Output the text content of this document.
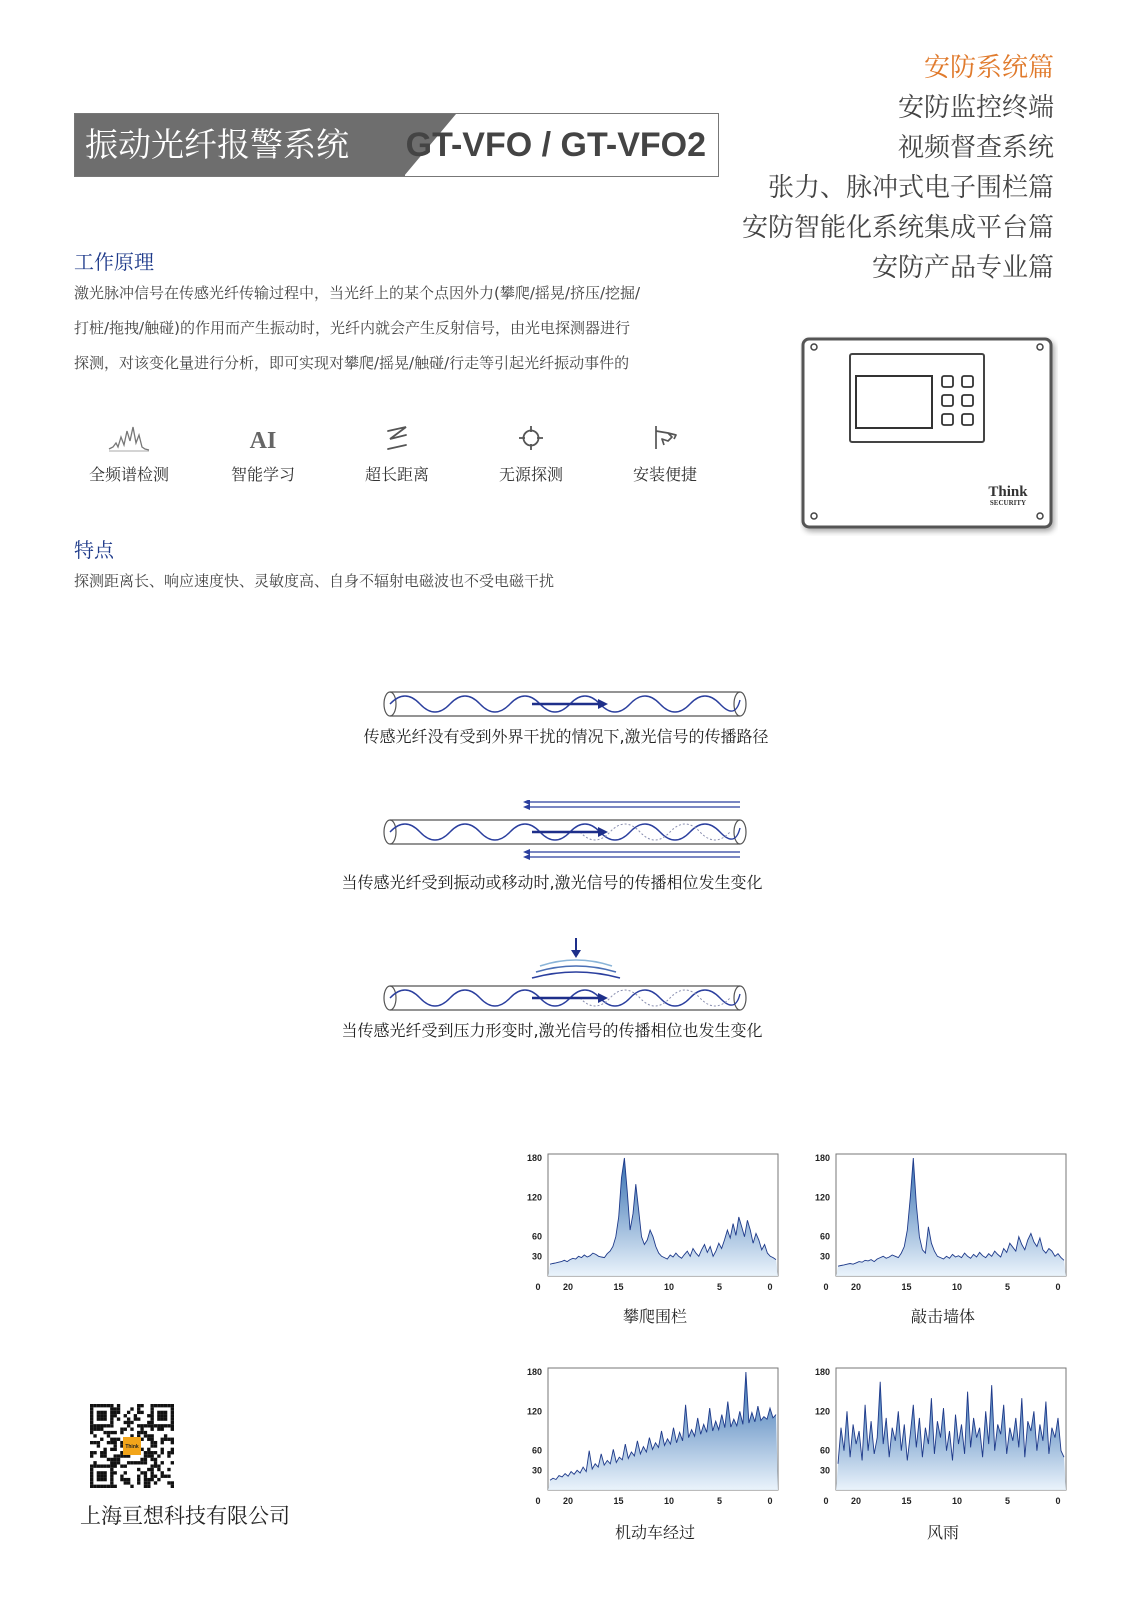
安防系统篇
安防监控终端
视频督查系统
张力、脉冲式电子围栏篇
安防智能化系统集成平台篇
安防产品专业篇
振动光纤报警系统 GT-VFO / GT-VFO2
工作原理
激光脉冲信号在传感光纤传输过程中，当光纤上的某个点因外力(攀爬/摇晃/挤压/挖掘/
打桩/拖拽/触碰)的作用而产生振动时，光纤内就会产生反射信号，由光电探测器进行
探测，对该变化量进行分析，即可实现对攀爬/摇晃/触碰/行走等引起光纤振动事件的
Think
SECURITY
全频谱检测
AI
智能学习	超长距离	无源探测	安装便捷
特点
探测距离长、响应速度快、灵敏度高、自身不辐射电磁波也不受电磁干扰
传感光纤没有受到外界干扰的情况下,激光信号的传播路径
当传感光纤受到振动或移动时,激光信号的传播相位发生变化
当传感光纤受到压力形变时,激光信号的传播相位也发生变化
30
60
120
180
0 20	15	10	5	0
攀爬围栏
30
60
120
180
0 20	15	10	5	0
敲击墙体
30
60
120
180
0 20	15	10	5	0
机动车经过
30
60
120
180
0 20	15	10	5	0
风雨
Think
上海亘想科技有限公司
